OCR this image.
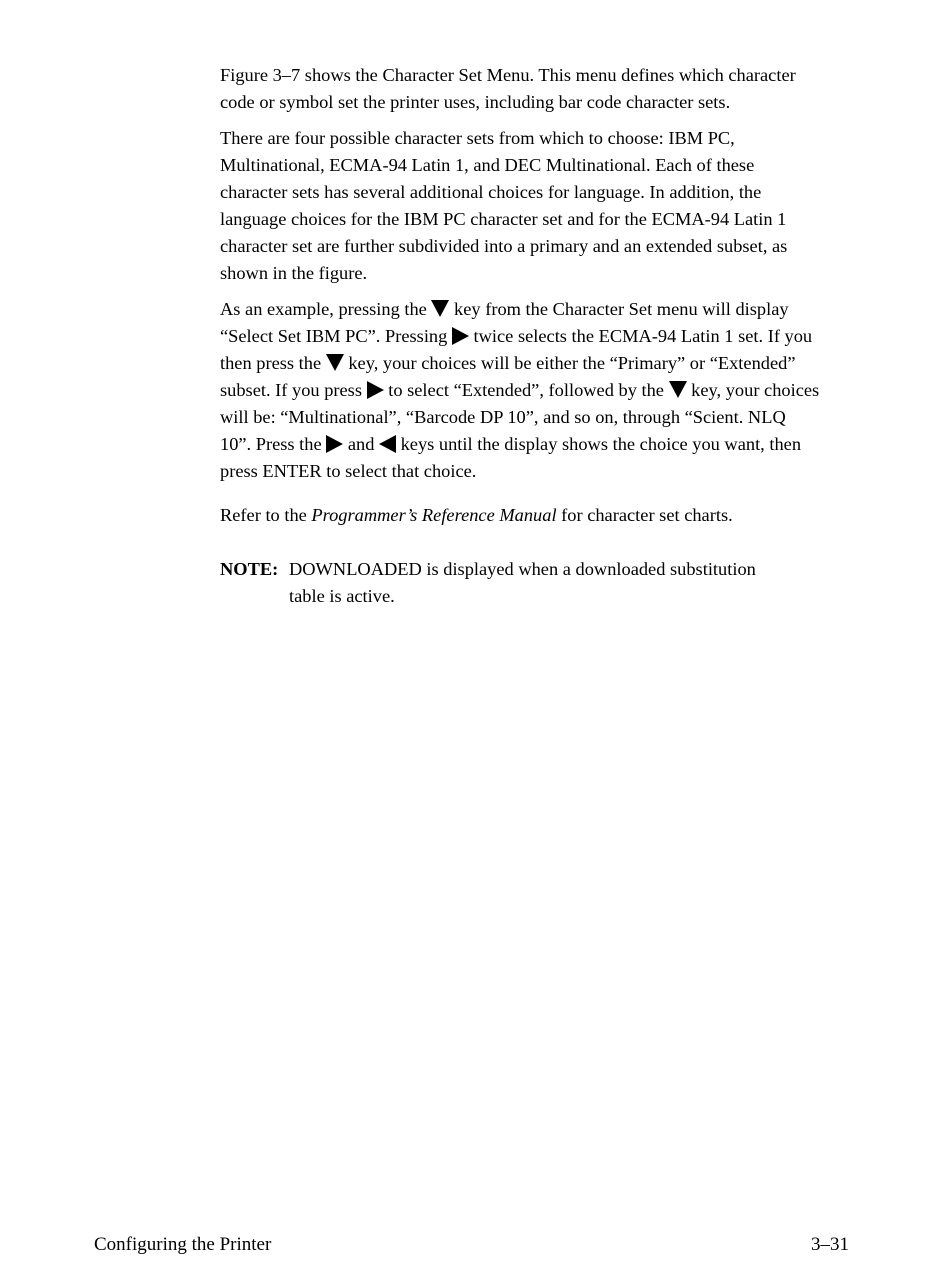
Figure 3–7 shows the Character Set Menu. This menu defines which character code or symbol set the printer uses, including bar code character sets.

There are four possible character sets from which to choose: IBM PC, Multinational, ECMA-94 Latin 1, and DEC Multinational. Each of these character sets has several additional choices for language. In addition, the language choices for the IBM PC character set and for the ECMA-94 Latin 1 character set are further subdivided into a primary and an extended subset, as shown in the figure.

As an example, pressing the  key from the Character Set menu will display “Select Set IBM PC”. Pressing  twice selects the ECMA-94 Latin 1 set. If you then press the  key, your choices will be either the “Primary” or “Extended” subset. If you press  to select “Extended”, followed by the  key, your choices will be: “Multinational”, “Barcode DP 10”, and so on, through “Scient. NLQ 10”. Press the  and  keys until the display shows the choice you want, then press ENTER to select that choice.

Refer to the Programmer’s Reference Manual for character set charts.

NOTE: DOWNLOADED is displayed when a downloaded substitution table is active.
Configuring the Printer	3–31
